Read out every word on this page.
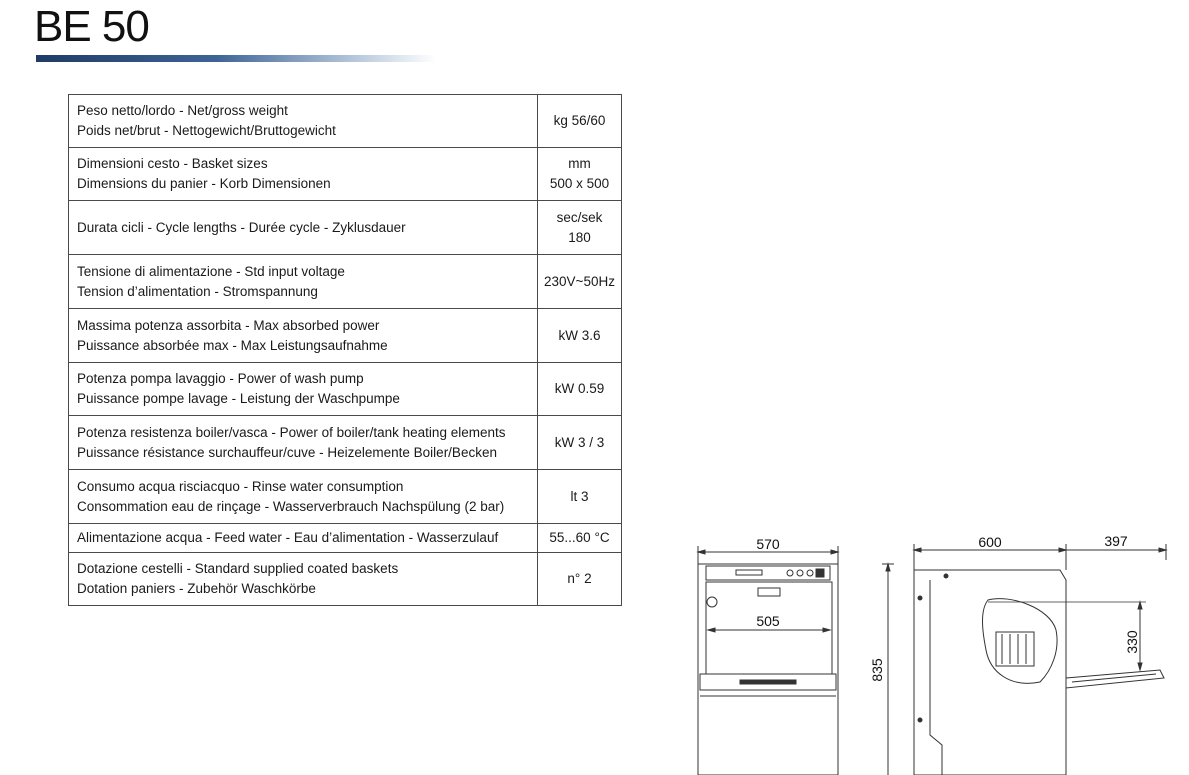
BE 50
Peso netto/lordo - Net/gross weight
Poids net/brut - Nettogewicht/Bruttogewicht	kg 56/60

Dimensioni cesto - Basket sizes
Dimensions du panier - Korb Dimensionen	mm
500 x 500

Durata cicli - Cycle lengths - Durée cycle - Zyklusdauer	sec/sek
180

Tensione di alimentazione - Std input voltage
Tension d’alimentation - Stromspannung	230V~50Hz

Massima potenza assorbita - Max absorbed power
Puissance absorbée max - Max Leistungsaufnahme	kW 3.6

Potenza pompa lavaggio - Power of wash pump
Puissance pompe lavage - Leistung der Waschpumpe	kW 0.59

Potenza resistenza boiler/vasca - Power of boiler/tank heating elements
Puissance résistance surchauffeur/cuve - Heizelemente Boiler/Becken	kW 3 / 3

Consumo acqua risciacquo - Rinse water consumption
Consommation eau de rinçage - Wasserverbrauch Nachspülung (2 bar)	lt 3

Alimentazione acqua - Feed water - Eau d’alimentation - Wasserzulauf	55...60 °C

Dotazione cestelli - Standard supplied coated baskets
Dotation paniers - Zubehör Waschkörbe	n° 2
570
505
835
600	397
330
